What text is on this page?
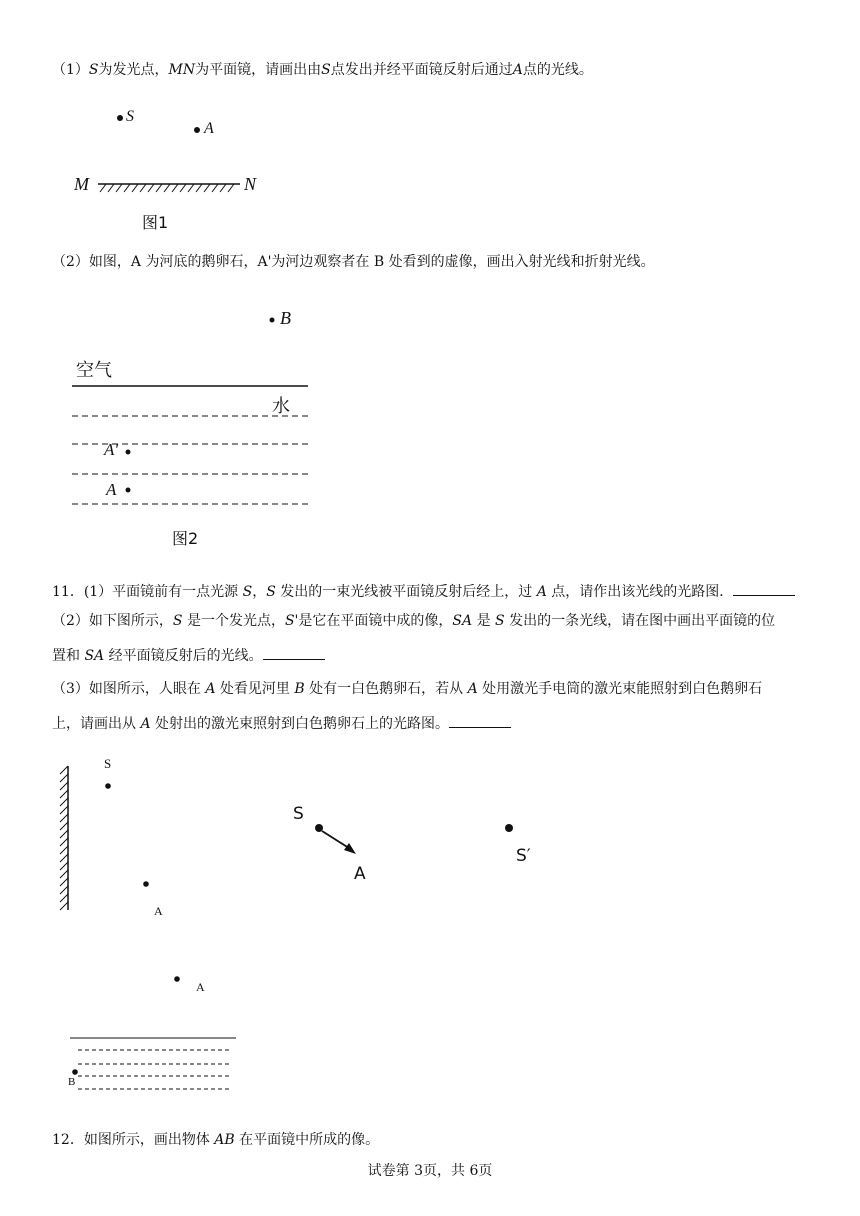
（1）S为发光点，MN为平面镜，请画出由S点发出并经平面镜反射后通过A点的光线。
S
A
M	N
图1
（2）如图，A 为河底的鹅卵石，A'为河边观察者在 B 处看到的虚像，画出入射光线和折射光线。
B
空气
水
A'
A
图2
11．(1）平面镜前有一点光源 S，S 发出的一束光线被平面镜反射后经上，过 A 点，请作出该光线的光路图．
（2）如下图所示，S 是一个发光点，S'是它在平面镜中成的像，SA 是 S 发出的一条光线，请在图中画出平面镜的位
置和 SA 经平面镜反射后的光线。
（3）如图所示，人眼在 A 处看见河里 B 处有一白色鹅卵石，若从 A 处用激光手电筒的激光束能照射到白色鹅卵石
上，请画出从 A 处射出的激光束照射到白色鹅卵石上的光路图。
S
A
S
A
S′
A
B
12．如图所示，画出物体 AB 在平面镜中所成的像。
试卷第 3页，共 6页
